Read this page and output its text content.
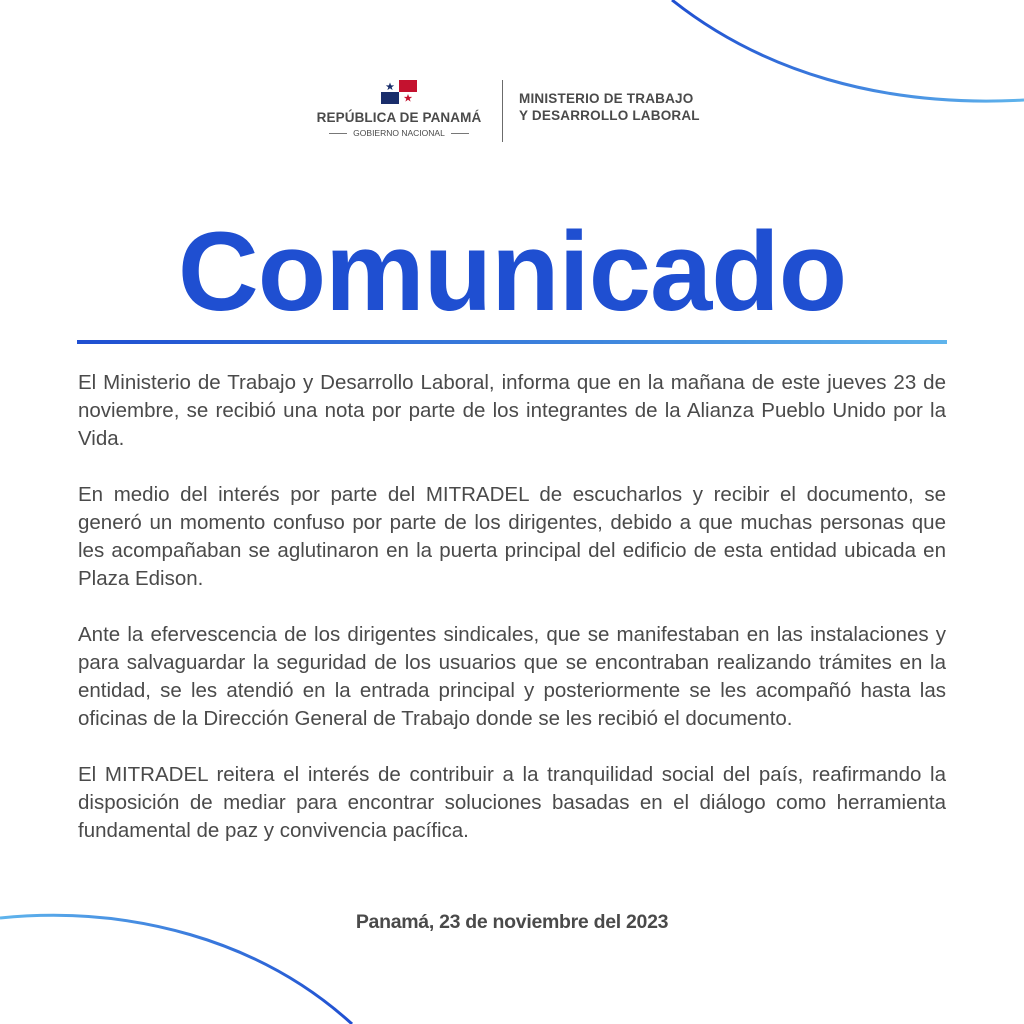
REPÚBLICA DE PANAMÁ
GOBIERNO NACIONAL
MINISTERIO DE TRABAJO
Y DESARROLLO LABORAL
Comunicado

El Ministerio de Trabajo y Desarrollo Laboral, informa que en la mañana de este jueves 23 de noviembre, se recibió una nota por parte de los integrantes de la Alianza Pueblo Unido por la Vida.

En medio del interés por parte del MITRADEL de escucharlos y recibir el documento, se generó un momento confuso por parte de los dirigentes, debido a que muchas personas que les acompañaban se aglutinaron en la puerta principal del edificio de esta entidad ubicada en Plaza Edison.

Ante la efervescencia de los dirigentes sindicales, que se manifestaban en las instalaciones y para salvaguardar la seguridad de los usuarios que se encontraban realizando trámites en la entidad, se les atendió en la entrada principal y posteriormente se les acompañó hasta las oficinas de la Dirección General de Trabajo donde se les recibió el documento.

El MITRADEL reitera el interés de contribuir a la tranquilidad social del país, reafirmando la disposición de mediar para encontrar soluciones basadas en el diálogo como herramienta fundamental de paz y convivencia pacífica.

Panamá, 23 de noviembre del 2023
